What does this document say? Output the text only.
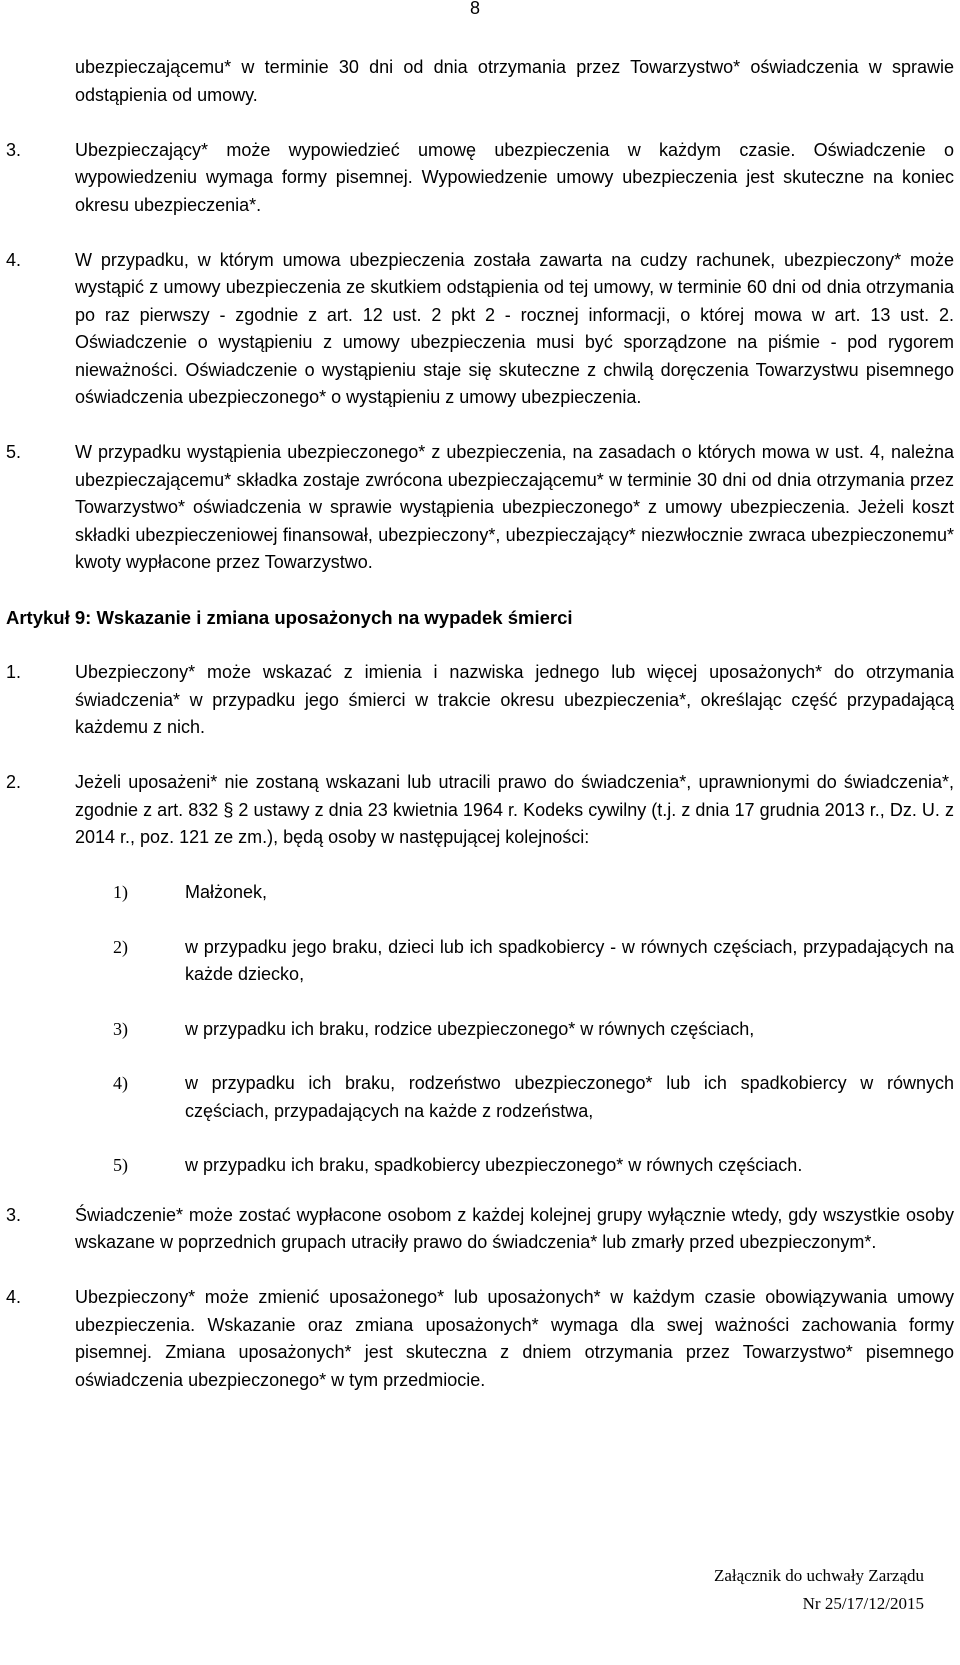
8
ubezpieczającemu* w terminie 30 dni od dnia otrzymania przez Towarzystwo* oświadczenia w sprawie odstąpienia od umowy.
3.	Ubezpieczający* może wypowiedzieć umowę ubezpieczenia w każdym czasie. Oświadczenie o wypowiedzeniu wymaga formy pisemnej. Wypowiedzenie umowy ubezpieczenia jest skuteczne na koniec okresu ubezpieczenia*.
4.	W przypadku, w którym umowa ubezpieczenia została zawarta na cudzy rachunek, ubezpieczony* może wystąpić z umowy ubezpieczenia ze skutkiem odstąpienia od tej umowy, w terminie 60 dni od dnia otrzymania po raz pierwszy - zgodnie z art. 12 ust. 2 pkt 2 - rocznej informacji, o której mowa w art. 13 ust. 2. Oświadczenie o wystąpieniu z umowy ubezpieczenia musi być sporządzone na piśmie - pod rygorem nieważności. Oświadczenie o wystąpieniu staje się skuteczne z chwilą doręczenia Towarzystwu pisemnego oświadczenia ubezpieczonego* o wystąpieniu z umowy ubezpieczenia.
5.	W przypadku wystąpienia ubezpieczonego* z ubezpieczenia, na zasadach o których mowa w ust. 4, należna ubezpieczającemu* składka zostaje zwrócona ubezpieczającemu* w terminie 30 dni od dnia otrzymania przez Towarzystwo* oświadczenia w sprawie wystąpienia ubezpieczonego* z umowy ubezpieczenia. Jeżeli koszt składki ubezpieczeniowej finansował, ubezpieczony*, ubezpieczający* niezwłocznie zwraca ubezpieczonemu* kwoty wypłacone przez Towarzystwo.
Artykuł 9: Wskazanie i zmiana uposażonych na wypadek śmierci
1.	Ubezpieczony* może wskazać z imienia i nazwiska jednego lub więcej uposażonych* do otrzymania świadczenia* w przypadku jego śmierci w trakcie okresu ubezpieczenia*, określając część przypadającą każdemu z nich.
2.	Jeżeli uposażeni* nie zostaną wskazani lub utracili prawo do świadczenia*, uprawnionymi do świadczenia*, zgodnie z art. 832 § 2 ustawy z dnia 23 kwietnia 1964 r. Kodeks cywilny (t.j. z dnia 17 grudnia 2013 r., Dz. U. z 2014 r., poz. 121 ze zm.), będą osoby w następującej kolejności:
1)	Małżonek,
2)	w przypadku jego braku, dzieci lub ich spadkobiercy - w równych częściach, przypadających na każde dziecko,
3)	w przypadku ich braku, rodzice ubezpieczonego* w równych częściach,
4)	w przypadku ich braku, rodzeństwo ubezpieczonego* lub ich spadkobiercy w równych częściach, przypadających na każde z rodzeństwa,
5)	w przypadku ich braku, spadkobiercy ubezpieczonego* w równych częściach.
3.	Świadczenie* może zostać wypłacone osobom z każdej kolejnej grupy wyłącznie wtedy, gdy wszystkie osoby wskazane w poprzednich grupach utraciły prawo do świadczenia* lub zmarły przed ubezpieczonym*.
4.	Ubezpieczony* może zmienić uposażonego* lub uposażonych* w każdym czasie obowiązywania umowy ubezpieczenia. Wskazanie oraz zmiana uposażonych* wymaga dla swej ważności zachowania formy pisemnej. Zmiana uposażonych* jest skuteczna z dniem otrzymania przez Towarzystwo* pisemnego oświadczenia ubezpieczonego* w tym przedmiocie.
Załącznik do uchwały Zarządu
Nr 25/17/12/2015
